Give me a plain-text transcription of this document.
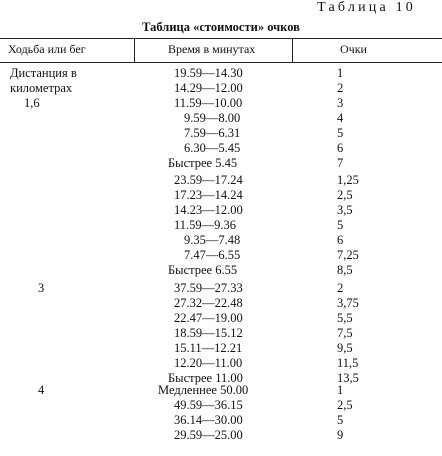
Таблица 10
Таблица «стоимости» очков
Ходьба или бег	Время в минутах	Очки
Дистанция в
километрах
1,6
19.59—14.30	1
14.29—12.00	2
11.59—10.00	3
9.59—8.00	4
7.59—6.31	5
6.30—5.45	6
Быстрее 5.45	7
23.59—17.24	1,25
17.23—14.24	2,5
14.23—12.00	3,5
11.59—9.36	5
9.35—7.48	6
7.47—6.55	7,25
Быстрее 6.55	8,5
3	37.59—27.33	2
27.32—22.48	3,75
22.47—19.00	5,5
18.59—15.12	7,5
15.11—12.21	9,5
12.20—11.00	11,5
Быстрее 11.00	13,5
4	Медленнее 50.00	1
49.59—36.15	2,5
36.14—30.00	5
29.59—25.00	9
